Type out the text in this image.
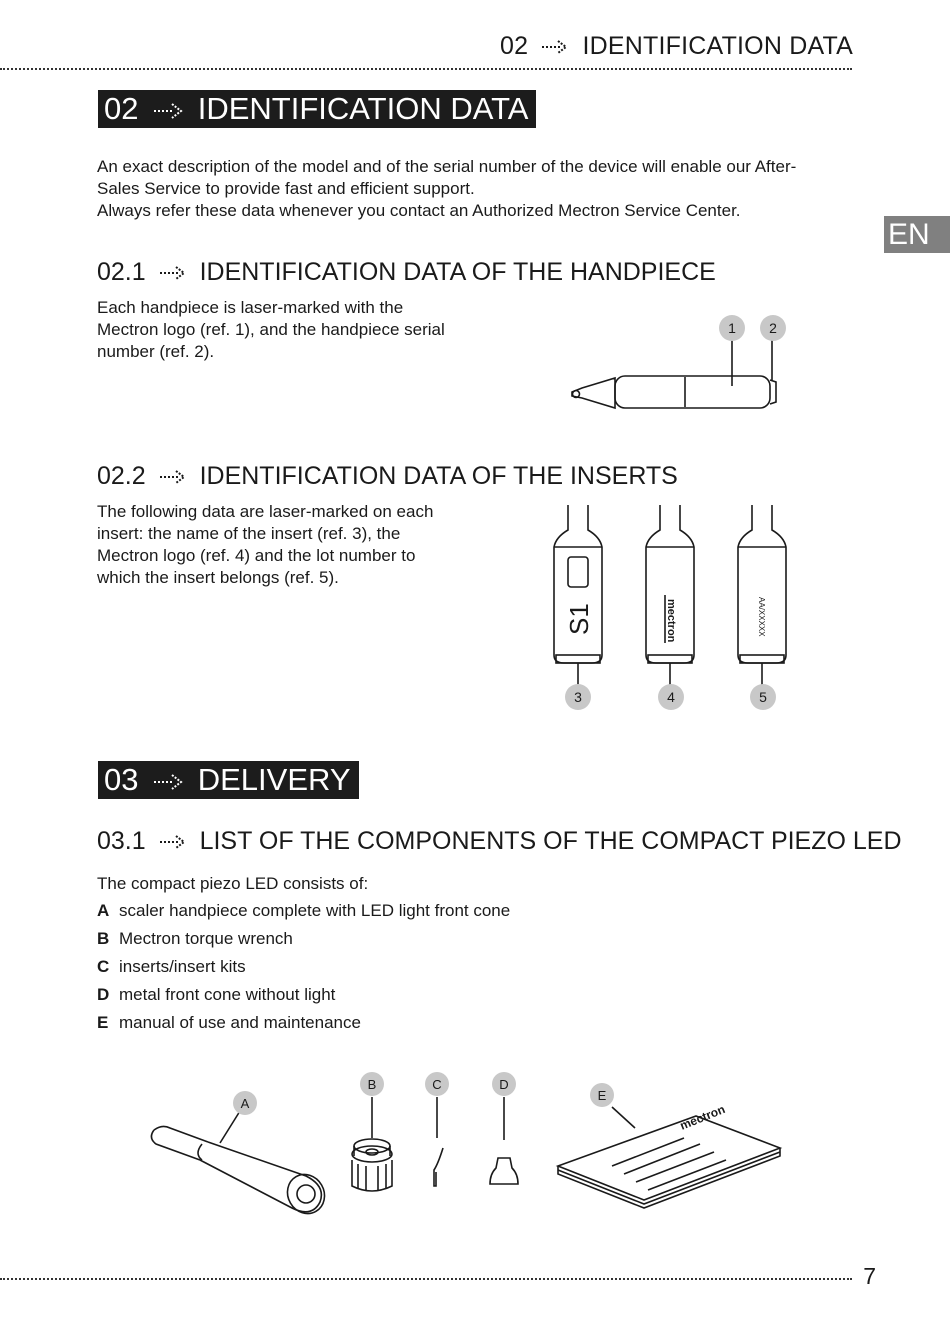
02 IDENTIFICATION DATA
EN
02 IDENTIFICATION DATA
An exact description of the model and of the serial number of the device will enable our After-
Sales Service to provide fast and efficient support.
Always refer these data whenever you contact an Authorized Mectron Service Center.
02.1 IDENTIFICATION DATA OF THE HANDPIECE
Each handpiece is laser-marked with the
Mectron logo (ref. 1), and the handpiece serial
number (ref. 2).
1 2
02.2 IDENTIFICATION DATA OF THE INSERTS
The following data are laser-marked on each
insert: the name of the insert (ref. 3), the
Mectron logo (ref. 4) and the lot number to
which the insert belongs (ref. 5).
S1	mectron	AA/XXXXX
3	4	5
03 DELIVERY
03.1 LIST OF THE COMPONENTS OF THE COMPACT PIEZO LED
The compact piezo LED consists of:
A scaler handpiece complete with LED light front cone
B Mectron torque wrench
C inserts/insert kits
D metal front cone without light
E manual of use and maintenance
mectron
A
B	C	D
E
7
